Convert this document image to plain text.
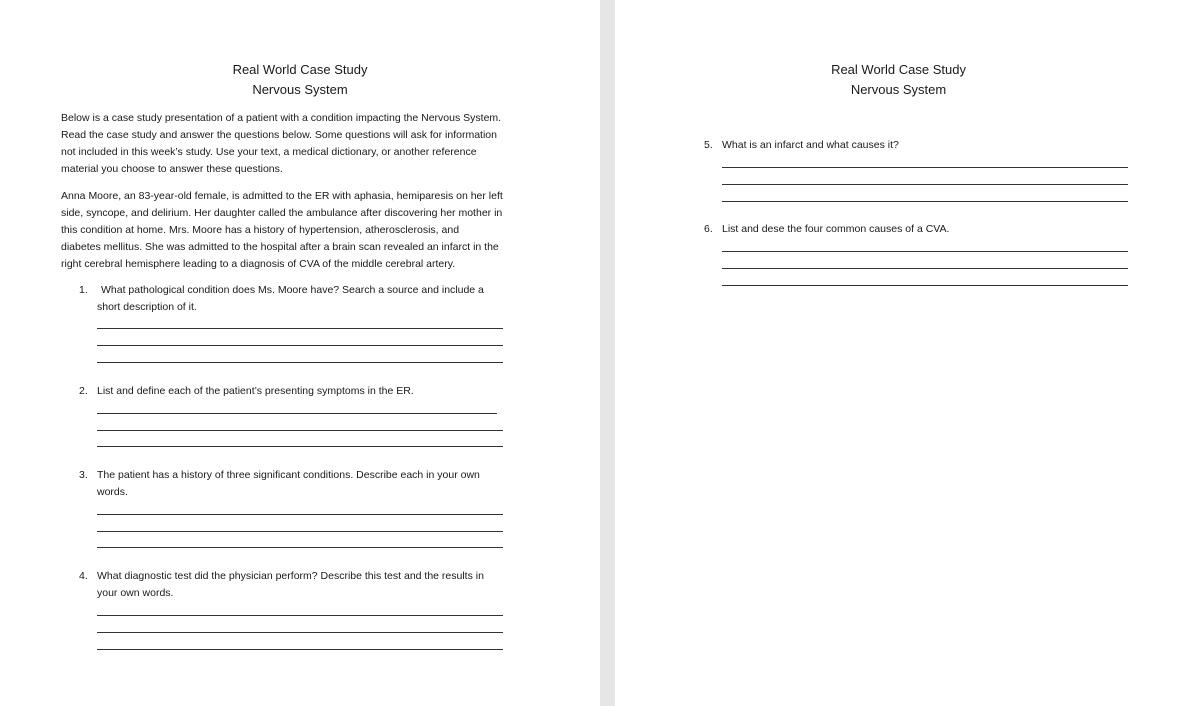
Real World Case Study
Nervous System
Below is a case study presentation of a patient with a condition impacting the Nervous System.
Read the case study and answer the questions below. Some questions will ask for information
not included in this week’s study. Use your text, a medical dictionary, or another reference
material you choose to answer these questions.
Anna Moore, an 83-year-old female, is admitted to the ER with aphasia, hemiparesis on her left
side, syncope, and delirium. Her daughter called the ambulance after discovering her mother in
this condition at home. Mrs. Moore has a history of hypertension, atherosclerosis, and
diabetes mellitus. She was admitted to the hospital after a brain scan revealed an infarct in the
right cerebral hemisphere leading to a diagnosis of CVA of the middle cerebral artery.
1. What pathological condition does Ms. Moore have? Search a source and include a
short description of it.
2. List and define each of the patient’s presenting symptoms in the ER.
3. The patient has a history of three significant conditions. Describe each in your own
words.
4. What diagnostic test did the physician perform? Describe this test and the results in
your own words.
Real World Case Study
Nervous System
5. What is an infarct and what causes it?
6. List and dese the four common causes of a CVA.
